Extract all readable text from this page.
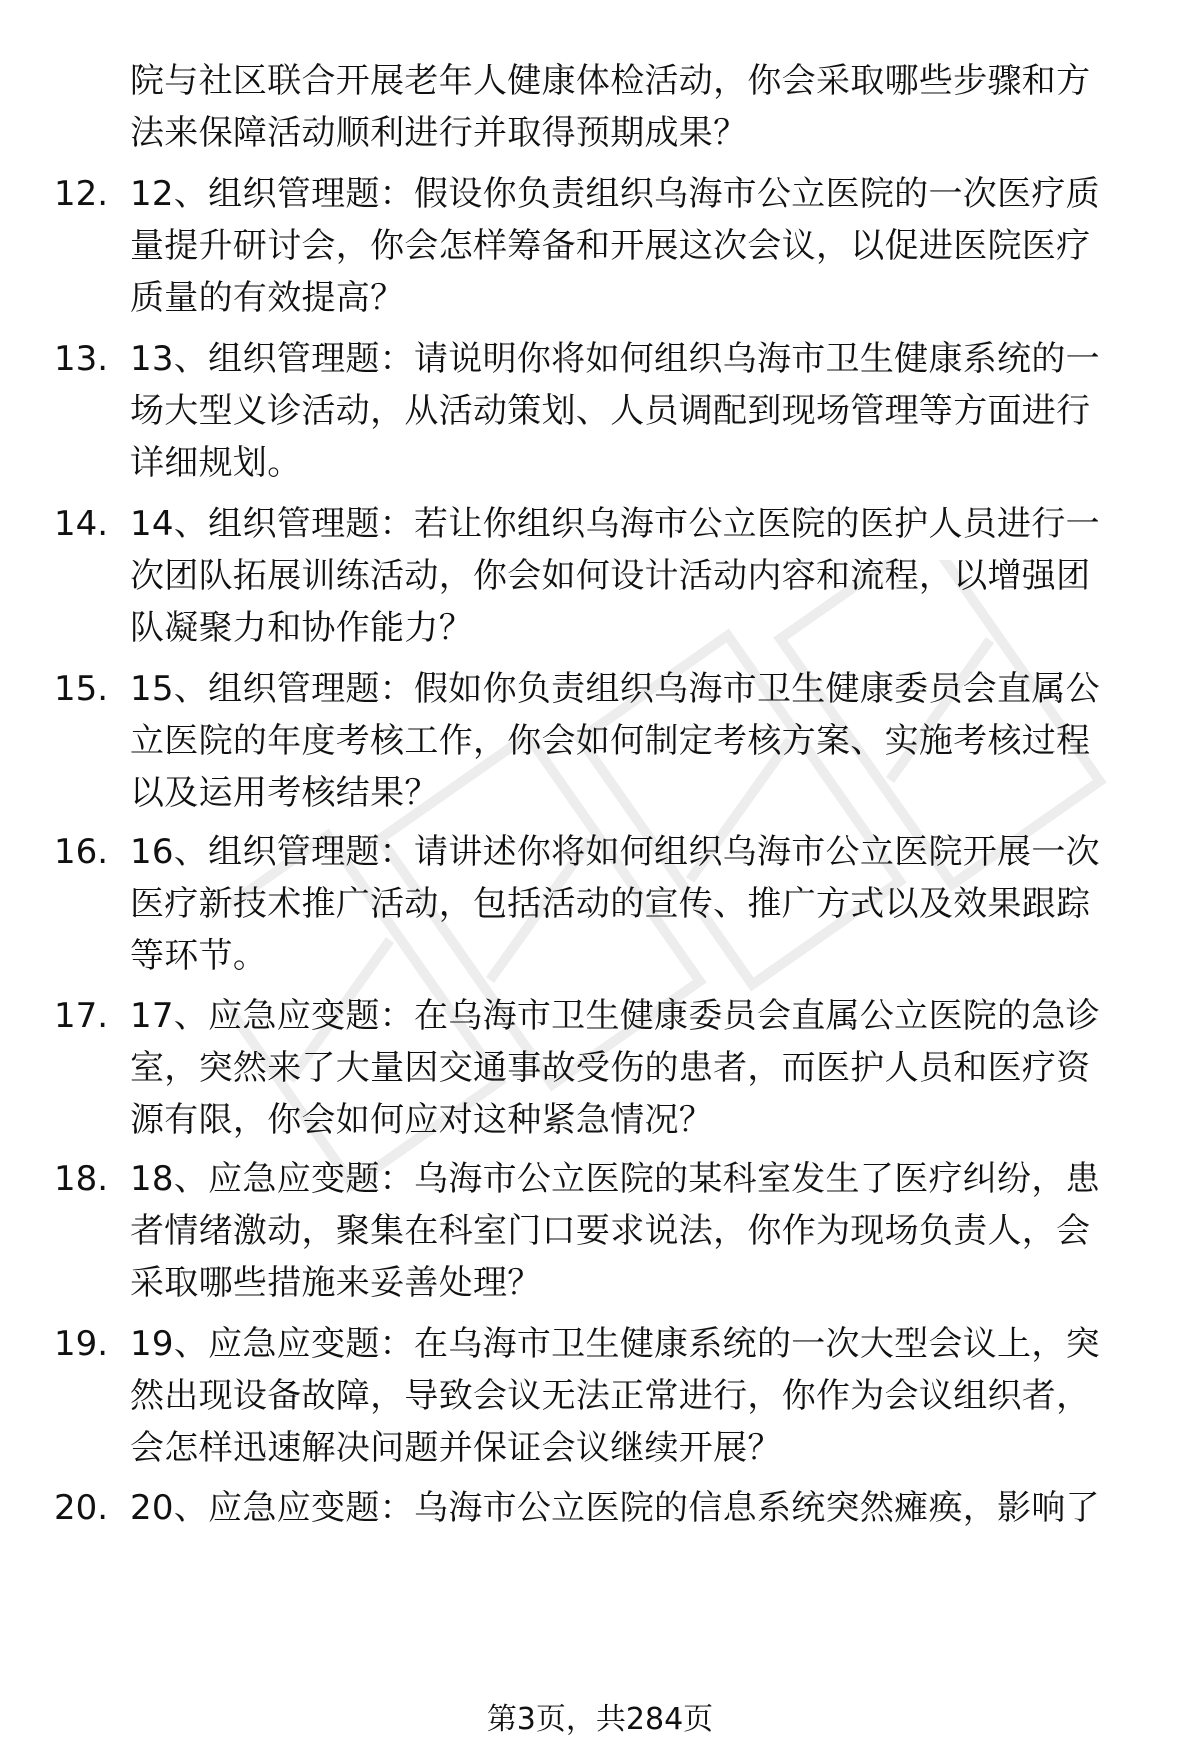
院与社区联合开展老年人健康体检活动，你会采取哪些步骤和方
法来保障活动顺利进行并取得预期成果？
12. 12、组织管理题：假设你负责组织乌海市公立医院的一次医疗质
量提升研讨会，你会怎样筹备和开展这次会议，以促进医院医疗
质量的有效提高？
13. 13、组织管理题：请说明你将如何组织乌海市卫生健康系统的一
场大型义诊活动，从活动策划、人员调配到现场管理等方面进行
详细规划。
14. 14、组织管理题：若让你组织乌海市公立医院的医护人员进行一
次团队拓展训练活动，你会如何设计活动内容和流程，以增强团
队凝聚力和协作能力？
15. 15、组织管理题：假如你负责组织乌海市卫生健康委员会直属公
立医院的年度考核工作，你会如何制定考核方案、实施考核过程
以及运用考核结果？
16. 16、组织管理题：请讲述你将如何组织乌海市公立医院开展一次
医疗新技术推广活动，包括活动的宣传、推广方式以及效果跟踪
等环节。
17. 17、应急应变题：在乌海市卫生健康委员会直属公立医院的急诊
室，突然来了大量因交通事故受伤的患者，而医护人员和医疗资
源有限，你会如何应对这种紧急情况？
18. 18、应急应变题：乌海市公立医院的某科室发生了医疗纠纷，患
者情绪激动，聚集在科室门口要求说法，你作为现场负责人，会
采取哪些措施来妥善处理？
19. 19、应急应变题：在乌海市卫生健康系统的一次大型会议上，突
然出现设备故障，导致会议无法正常进行，你作为会议组织者，
会怎样迅速解决问题并保证会议继续开展？
20. 20、应急应变题：乌海市公立医院的信息系统突然瘫痪，影响了
第3页，共284页
